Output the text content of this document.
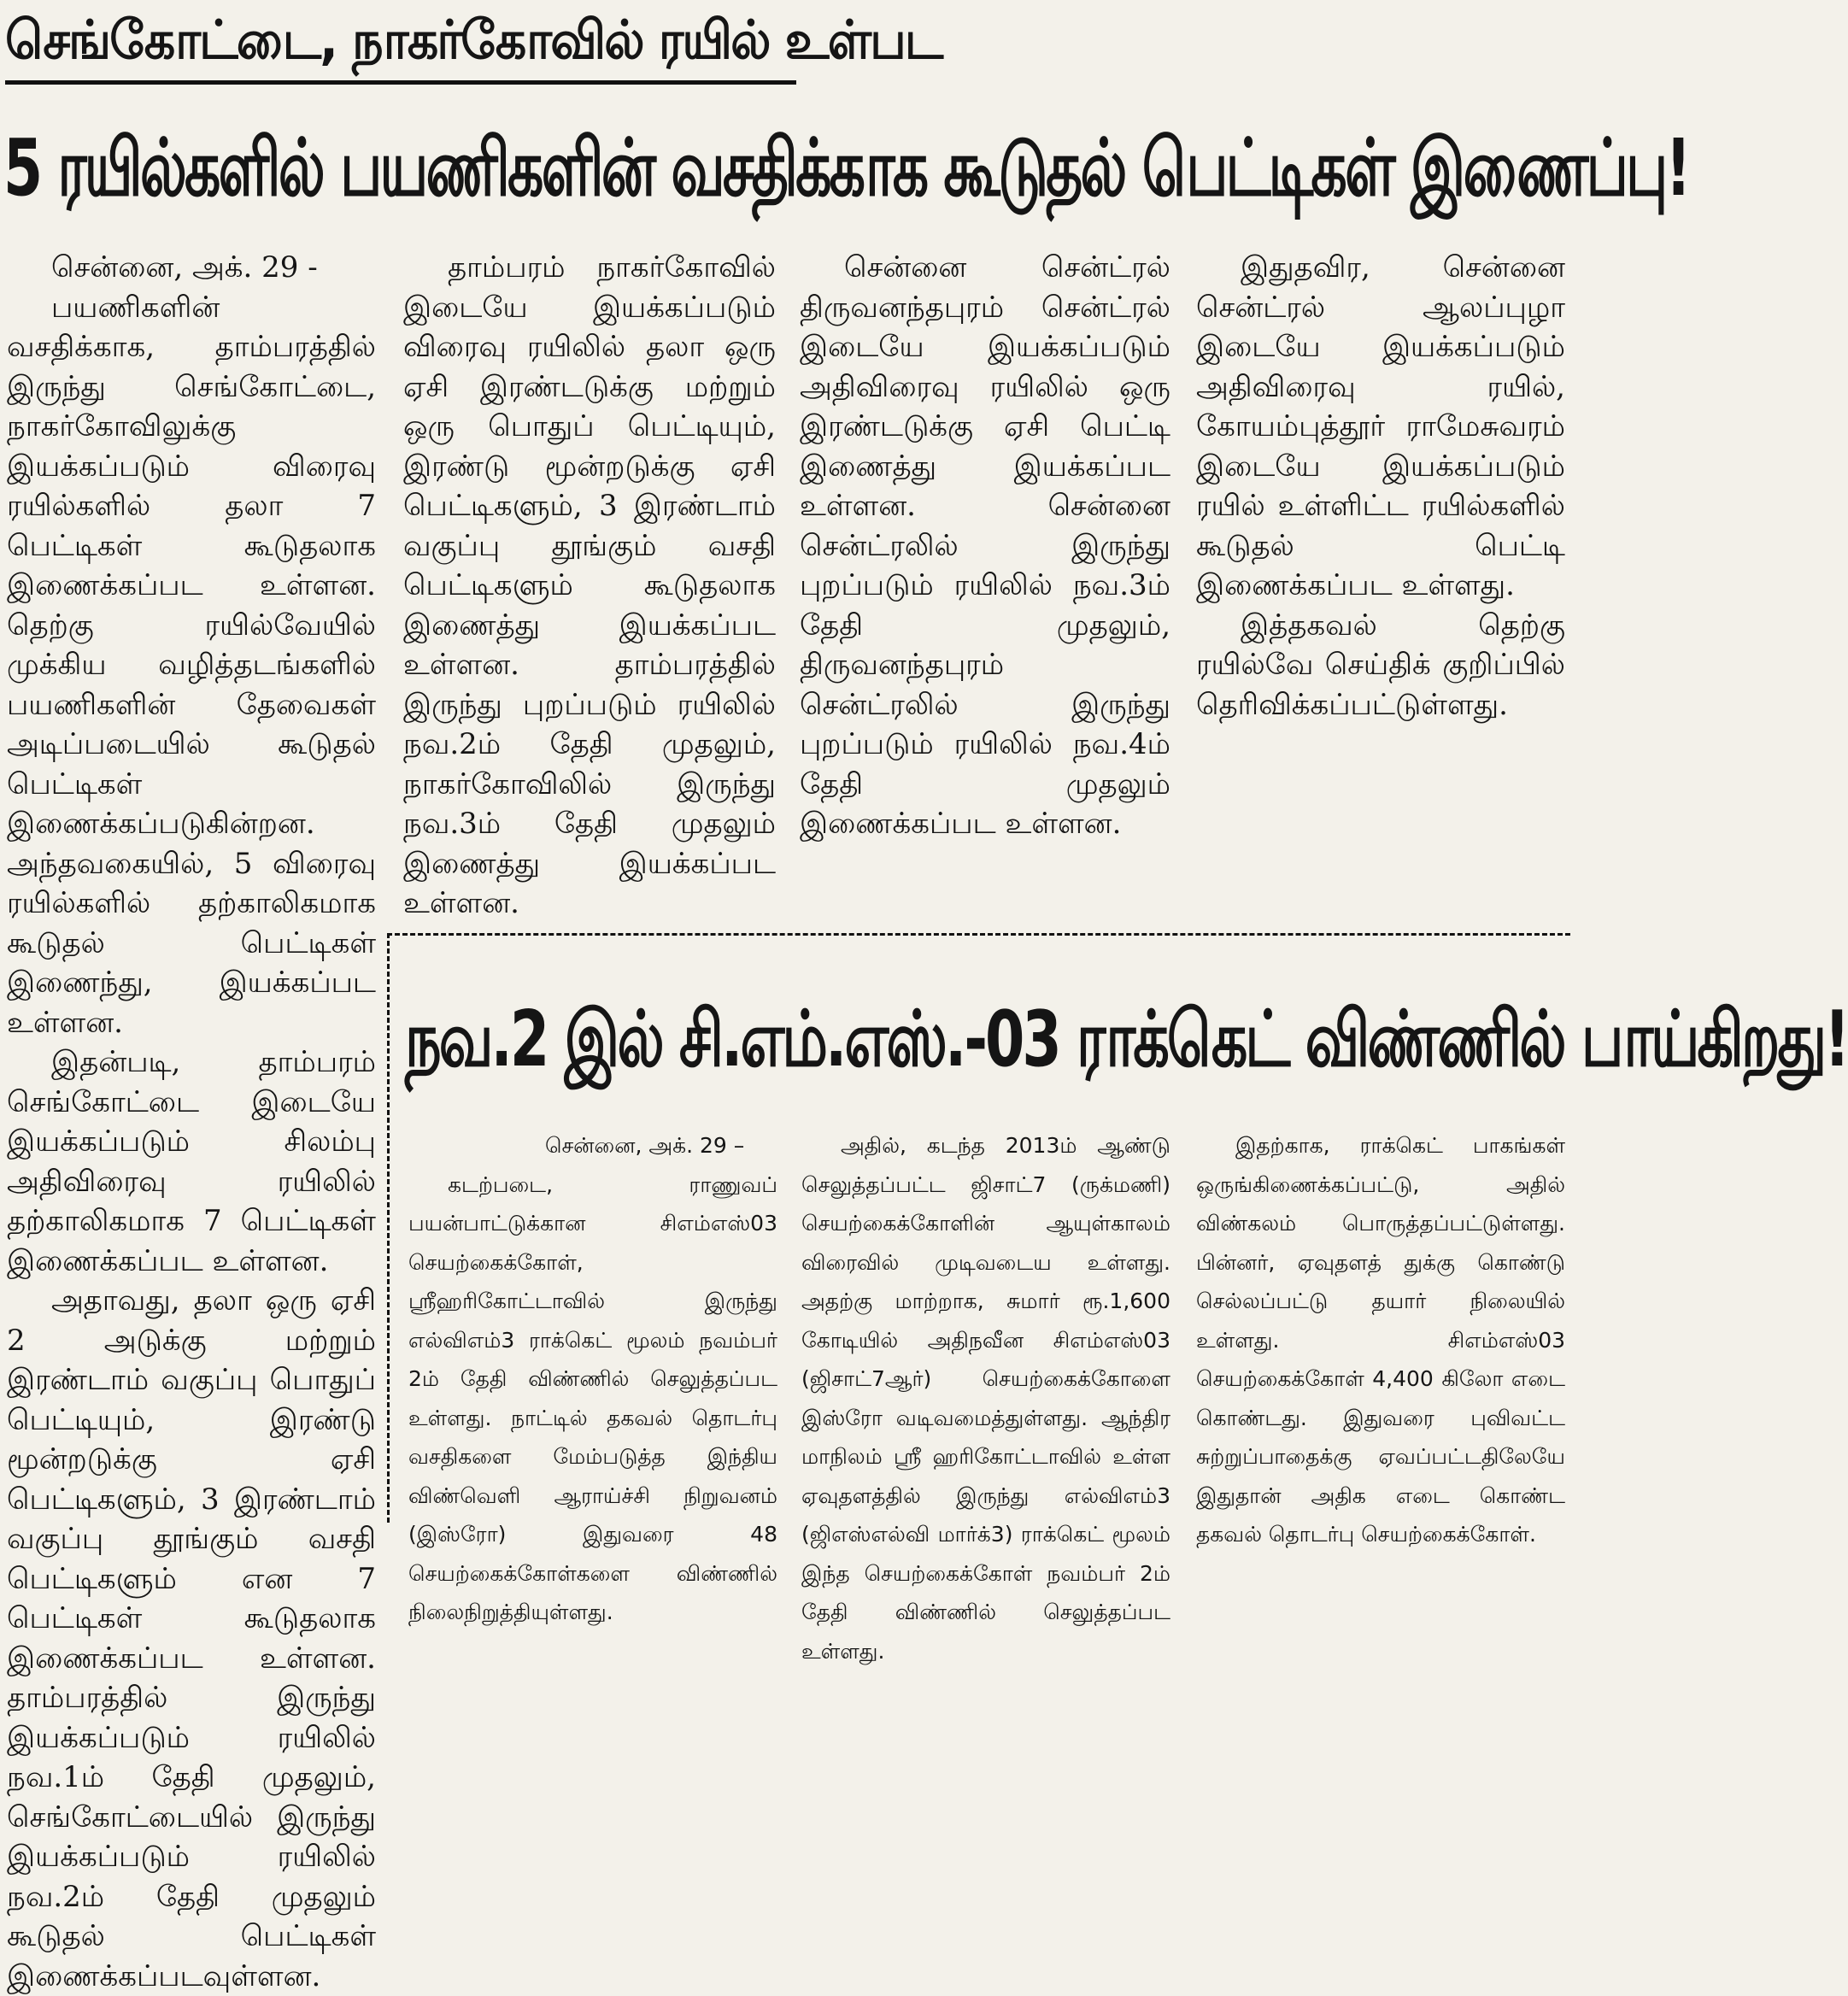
செங்கோட்டை, நாகர்கோவில் ரயில் உள்பட
5 ரயில்களில் பயணிகளின் வசதிக்காக கூடுதல் பெட்டிகள் இணைப்பு!

சென்னை, அக். 29 -

பயணிகளின் வசதிக்காக, தாம்பரத்தில் இருந்து செங்கோட்டை, நாகர்கோவிலுக்கு இயக்கப்படும் விரைவு ரயில்களில் தலா 7 பெட்டிகள் கூடுதலாக இணைக்கப்பட உள்ளன. தெற்கு ரயில்வேயில் முக்கிய வழித்தடங்களில் பயணிகளின் தேவைகள் அடிப்படையில் கூடுதல் பெட்டிகள் இணைக்கப்படுகின்றன. அந்தவகையில், 5 விரைவு ரயில்களில் தற்காலிகமாக கூடுதல் பெட்டிகள் இணைந்து, இயக்கப்பட உள்ளன.

இதன்படி, தாம்பரம் செங்கோட்டை இடையே இயக்கப்படும் சிலம்பு அதிவிரைவு ரயிலில் தற்காலிகமாக 7 பெட்டிகள் இணைக்கப்பட உள்ளன.

அதாவது, தலா ஒரு ஏசி 2 அடுக்கு மற்றும் இரண்டாம் வகுப்பு பொதுப் பெட்டியும், இரண்டு மூன்றடுக்கு ஏசி பெட்டிகளும், 3 இரண்டாம் வகுப்பு தூங்கும் வசதி பெட்டிகளும் என 7 பெட்டிகள் கூடுதலாக இணைக்கப்பட உள்ளன. தாம்பரத்தில் இருந்து இயக்கப்படும் ரயிலில் நவ.1ம் தேதி முதலும், செங்கோட்டையில் இருந்து இயக்கப்படும் ரயிலில் நவ.2ம் தேதி முதலும் கூடுதல் பெட்டிகள் இணைக்கப்படவுள்ளன.

தாம்பரம் நாகர்கோவில் இடையே இயக்கப்படும் விரைவு ரயிலில் தலா ஒரு ஏசி இரண்டடுக்கு மற்றும் ஒரு பொதுப் பெட்டியும், இரண்டு மூன்றடுக்கு ஏசி பெட்டிகளும், 3 இரண்டாம் வகுப்பு தூங்கும் வசதி பெட்டிகளும் கூடுதலாக இணைத்து இயக்கப்பட உள்ளன. தாம்பரத்தில் இருந்து புறப்படும் ரயிலில் நவ.2ம் தேதி முதலும், நாகர்கோவிலில் இருந்து நவ.3ம் தேதி முதலும் இணைத்து இயக்கப்பட உள்ளன.

சென்னை சென்ட்ரல் திருவனந்தபுரம் சென்ட்ரல் இடையே இயக்கப்படும் அதிவிரைவு ரயிலில் ஒரு இரண்டடுக்கு ஏசி பெட்டி இணைத்து இயக்கப்பட உள்ளன. சென்னை சென்ட்ரலில் இருந்து புறப்படும் ரயிலில் நவ.3ம் தேதி முதலும், திருவனந்தபுரம் சென்ட்ரலில் இருந்து புறப்படும் ரயிலில் நவ.4ம் தேதி முதலும் இணைக்கப்பட உள்ளன.

இதுதவிர, சென்னை சென்ட்ரல் ஆலப்புழா இடையே இயக்கப்படும் அதிவிரைவு ரயில், கோயம்புத்தூர் ராமேசுவரம் இடையே இயக்கப்படும் ரயில் உள்ளிட்ட ரயில்களில் கூடுதல் பெட்டி இணைக்கப்பட உள்ளது.

இத்தகவல் தெற்கு ரயில்வே செய்திக் குறிப்பில் தெரிவிக்கப்பட்டுள்ளது.

நவ.2 இல் சி.எம்.எஸ்.-03 ராக்கெட் விண்ணில் பாய்கிறது!

சென்னை, அக். 29 –

கடற்படை, ராணுவப் பயன்பாட்டுக்கான சிஎம்எஸ்03 செயற்கைக்கோள், ஸ்ரீஹரிகோட்டாவில் இருந்து எல்விஎம்3 ராக்கெட் மூலம் நவம்பர் 2ம் தேதி விண்ணில் செலுத்தப்பட உள்ளது. நாட்டில் தகவல் தொடர்பு வசதிகளை மேம்படுத்த இந்திய விண்வெளி ஆராய்ச்சி நிறுவனம் (இஸ்ரோ) இதுவரை 48 செயற்கைக்கோள்களை விண்ணில் நிலைநிறுத்தியுள்ளது.

அதில், கடந்த 2013ம் ஆண்டு செலுத்தப்பட்ட ஜிசாட்7 (ருக்மணி) செயற்கைக்கோளின் ஆயுள்காலம் விரைவில் முடிவடைய உள்ளது. அதற்கு மாற்றாக, சுமார் ரூ.1,600 கோடியில் அதிநவீன சிஎம்எஸ்03 (ஜிசாட்7ஆர்) செயற்கைக்கோளை இஸ்ரோ வடிவமைத்துள்ளது. ஆந்திர மாநிலம் ஸ்ரீ ஹரிகோட்டாவில் உள்ள ஏவுதளத்தில் இருந்து எல்விஎம்3 (ஜிஎஸ்எல்வி மார்க்3) ராக்கெட் மூலம் இந்த செயற்கைக்கோள் நவம்பர் 2ம் தேதி விண்ணில் செலுத்தப்பட உள்ளது.

இதற்காக, ராக்கெட் பாகங்கள் ஒருங்கிணைக்கப்பட்டு, அதில் விண்கலம் பொருத்தப்பட்டுள்ளது. பின்னர், ஏவுதளத் துக்கு கொண்டு செல்லப்பட்டு தயார் நிலையில் உள்ளது. சிஎம்எஸ்03 செயற்கைக்கோள் 4,400 கிலோ எடை கொண்டது. இதுவரை புவிவட்ட சுற்றுப்பாதைக்கு ஏவப்பட்டதிலேயே இதுதான் அதிக எடை கொண்ட தகவல் தொடர்பு செயற்கைக்கோள்.
